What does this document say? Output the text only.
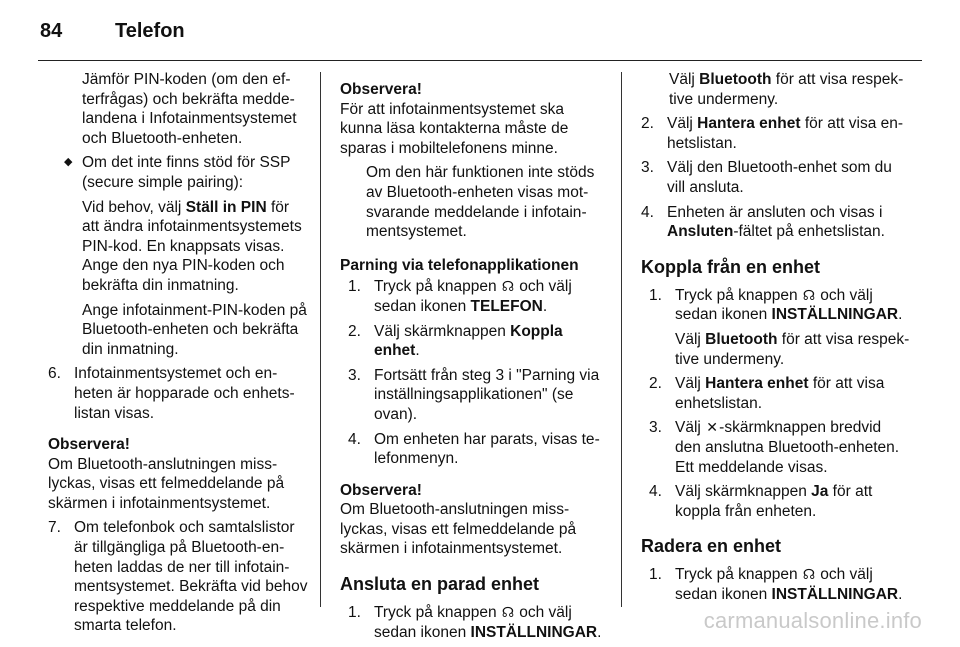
84	Telefon

Jämför PIN-koden (om den efterfrågas) och bekräfta meddelandena i Infotainmentsystemet och Bluetooth-enheten.

◆ Om det inte finns stöd för SSP (secure simple pairing):

Vid behov, välj Ställ in PIN för att ändra infotainmentsystemets PIN-kod. En knappsats visas. Ange den nya PIN-koden och bekräfta din inmatning.

Ange infotainment-PIN-koden på Bluetooth-enheten och bekräfta din inmatning.

6. Infotainmentsystemet och enheten är hopparade och enhetslistan visas.
Observera!
Om Bluetooth-anslutningen misslyckas, visas ett felmeddelande på skärmen i infotainmentsystemet.
7. Om telefonbok och samtalslistor är tillgängliga på Bluetooth-enheten laddas de ner till infotainmentsystemet. Bekräfta vid behov respektive meddelande på din smarta telefon.
Observera!
För att infotainmentsystemet ska kunna läsa kontakterna måste de sparas i mobiltelefonens minne.

Om den här funktionen inte stöds av Bluetooth-enheten visas motsvarande meddelande i infotainmentsystemet.

Parning via telefonapplikationen
1. Tryck på knappen ☊ och välj sedan ikonen TELEFON.
2. Välj skärmknappen Koppla enhet.
3. Fortsätt från steg 3 i "Parning via inställningsapplikationen" (se ovan).
4. Om enheten har parats, visas telefonmenyn.
Observera!
Om Bluetooth-anslutningen misslyckas, visas ett felmeddelande på skärmen i infotainmentsystemet.
Ansluta en parad enhet
1. Tryck på knappen ☊ och välj sedan ikonen INSTÄLLNINGAR.

Välj Bluetooth för att visa respektive undermeny.

2. Välj Hantera enhet för att visa enhetslistan.
3. Välj den Bluetooth-enhet som du vill ansluta.
4. Enheten är ansluten och visas i Ansluten-fältet på enhetslistan.
Koppla från en enhet
1. Tryck på knappen ☊ och välj sedan ikonen INSTÄLLNINGAR.

Välj Bluetooth för att visa respektive undermeny.

2. Välj Hantera enhet för att visa enhetslistan.
3. Välj ✕-skärmknappen bredvid den anslutna Bluetooth-enheten. Ett meddelande visas.
4. Välj skärmknappen Ja för att koppla från enheten.
Radera en enhet
1. Tryck på knappen ☊ och välj sedan ikonen INSTÄLLNINGAR.
carmanualsonline.info
